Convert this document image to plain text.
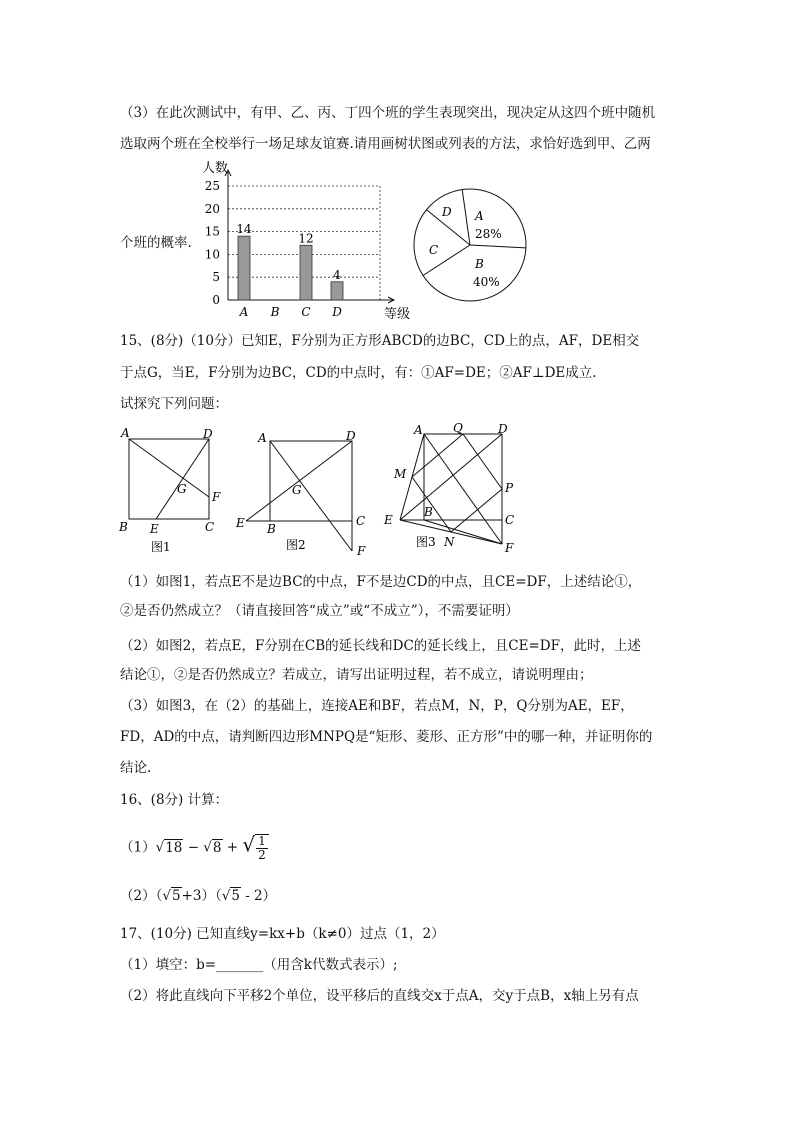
（3）在此次测试中，有甲、乙、丙、丁四个班的学生表现突出，现决定从这四个班中随机
选取两个班在全校举行一场足球友谊赛.请用画树状图或列表的方法，求恰好选到甲、乙两
个班的概率.
0
5
10
15
20
25
人数
等级
14
A B
12
C
4
D
A
B
C
D
28%
40%
15、(8分)（10分）已知E，F分别为正方形ABCD的边BC，CD上的点，AF，DE相交
于点G，当E，F分别为边BC，CD的中点时，有：①AF=DE；②AF⊥DE成立.
试探究下列问题：
A	D
G
F
B E	C
图1
A	D
G
E B
C
F
图2
A	Q	D
M
P
E
B
C
N	F
图3
（1）如图1，若点E不是边BC的中点，F不是边CD的中点，且CE=DF，上述结论①，
②是否仍然成立？（请直接回答“成立”或“不成立”），不需要证明）
（2）如图2，若点E，F分别在CB的延长线和DC的延长线上，且CE=DF，此时，上述
结论①，②是否仍然成立？若成立，请写出证明过程，若不成立，请说明理由；
（3）如图3，在（2）的基础上，连接AE和BF，若点M，N，P，Q分别为AE，EF，
FD，AD的中点，请判断四边形MNPQ是“矩形、菱形、正方形”中的哪一种，并证明你的
结论.
16、(8分) 计算：
（1）√18 − √8 + √ $\frac{1}{2}$
（2）（√5+3）（√5 - 2）
17、(10分) 已知直线y=kx+b（k≠0）过点（1，2）
（1）填空：b=_______（用含k代数式表示）;
（2）将此直线向下平移2个单位，设平移后的直线交x于点A，交y于点B，x轴上另有点
